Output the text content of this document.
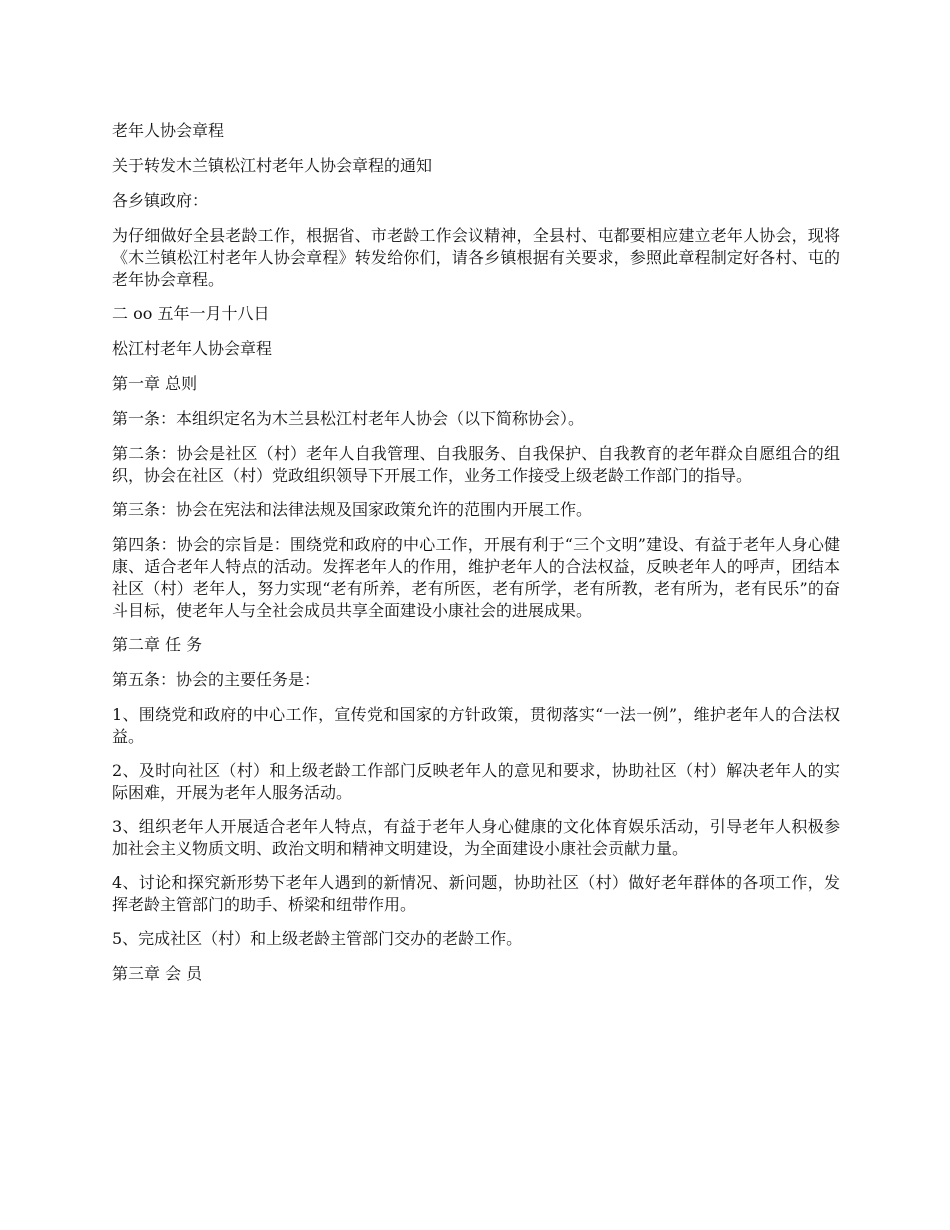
老年人协会章程

关于转发木兰镇松江村老年人协会章程的通知

各乡镇政府：

为仔细做好全县老龄工作，根据省、市老龄工作会议精神，全县村、屯都要相应建立老年人协会，现将《木兰镇松江村老年人协会章程》转发给你们，请各乡镇根据有关要求，参照此章程制定好各村、屯的老年协会章程。

二 oo 五年一月十八日

松江村老年人协会章程

第一章 总则

第一条：本组织定名为木兰县松江村老年人协会（以下简称协会）。

第二条：协会是社区（村）老年人自我管理、自我服务、自我保护、自我教育的老年群众自愿组合的组织，协会在社区（村）党政组织领导下开展工作，业务工作接受上级老龄工作部门的指导。

第三条：协会在宪法和法律法规及国家政策允许的范围内开展工作。

第四条：协会的宗旨是：围绕党和政府的中心工作，开展有利于“三个文明”建设、有益于老年人身心健康、适合老年人特点的活动。发挥老年人的作用，维护老年人的合法权益，反映老年人的呼声，团结本社区（村）老年人，努力实现“老有所养，老有所医，老有所学，老有所教，老有所为，老有民乐”的奋斗目标，使老年人与全社会成员共享全面建设小康社会的进展成果。

第二章 任 务

第五条：协会的主要任务是：

1、围绕党和政府的中心工作，宣传党和国家的方针政策，贯彻落实“一法一例”，维护老年人的合法权益。

2、及时向社区（村）和上级老龄工作部门反映老年人的意见和要求，协助社区（村）解决老年人的实际困难，开展为老年人服务活动。

3、组织老年人开展适合老年人特点，有益于老年人身心健康的文化体育娱乐活动，引导老年人积极参加社会主义物质文明、政治文明和精神文明建设，为全面建设小康社会贡献力量。

4、讨论和探究新形势下老年人遇到的新情况、新问题，协助社区（村）做好老年群体的各项工作，发挥老龄主管部门的助手、桥梁和纽带作用。

5、完成社区（村）和上级老龄主管部门交办的老龄工作。

第三章 会 员
